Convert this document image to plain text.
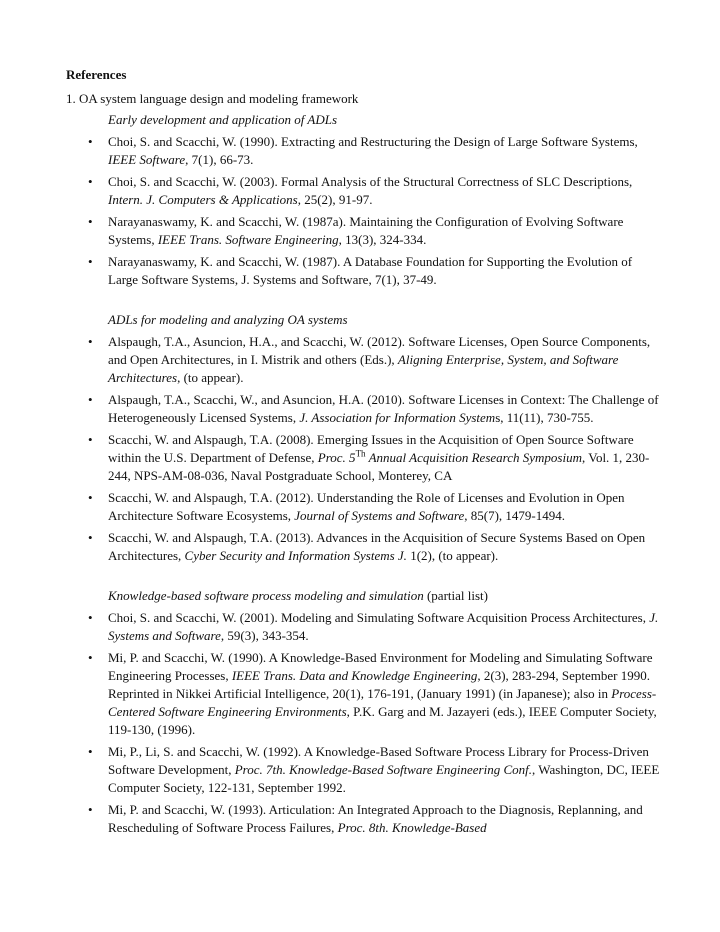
References
1. OA system language design and modeling framework
Early development and application of ADLs
• Choi, S. and Scacchi, W. (1990). Extracting and Restructuring the Design of Large Software Systems, IEEE Software, 7(1), 66-73.
• Choi, S. and Scacchi, W. (2003). Formal Analysis of the Structural Correctness of SLC Descriptions, Intern. J. Computers & Applications, 25(2), 91-97.
• Narayanaswamy, K. and Scacchi, W. (1987a). Maintaining the Configuration of Evolving Software Systems, IEEE Trans. Software Engineering, 13(3), 324-334.
• Narayanaswamy, K. and Scacchi, W. (1987). A Database Foundation for Supporting the Evolution of Large Software Systems, J. Systems and Software, 7(1), 37-49.
ADLs for modeling and analyzing OA systems
• Alspaugh, T.A., Asuncion, H.A., and Scacchi, W. (2012). Software Licenses, Open Source Components, and Open Architectures, in I. Mistrik and others (Eds.), Aligning Enterprise, System, and Software Architectures, (to appear).
• Alspaugh, T.A., Scacchi, W., and Asuncion, H.A. (2010). Software Licenses in Context: The Challenge of Heterogeneously Licensed Systems, J. Association for Information Systems, 11(11), 730-755.
• Scacchi, W. and Alspaugh, T.A. (2008). Emerging Issues in the Acquisition of Open Source Software within the U.S. Department of Defense, Proc. 5Th Annual Acquisition Research Symposium, Vol. 1, 230-244, NPS-AM-08-036, Naval Postgraduate School, Monterey, CA
• Scacchi, W. and Alspaugh, T.A. (2012). Understanding the Role of Licenses and Evolution in Open Architecture Software Ecosystems, Journal of Systems and Software, 85(7), 1479-1494.
• Scacchi, W. and Alspaugh, T.A. (2013). Advances in the Acquisition of Secure Systems Based on Open Architectures, Cyber Security and Information Systems J. 1(2), (to appear).
Knowledge-based software process modeling and simulation (partial list)
• Choi, S. and Scacchi, W. (2001). Modeling and Simulating Software Acquisition Process Architectures, J. Systems and Software, 59(3), 343-354.
• Mi, P. and Scacchi, W. (1990). A Knowledge-Based Environment for Modeling and Simulating Software Engineering Processes, IEEE Trans. Data and Knowledge Engineering, 2(3), 283-294, September 1990. Reprinted in Nikkei Artificial Intelligence, 20(1), 176-191, (January 1991) (in Japanese); also in Process-Centered Software Engineering Environments, P.K. Garg and M. Jazayeri (eds.), IEEE Computer Society, 119-130, (1996).
• Mi, P., Li, S. and Scacchi, W. (1992). A Knowledge-Based Software Process Library for Process-Driven Software Development, Proc. 7th. Knowledge-Based Software Engineering Conf., Washington, DC, IEEE Computer Society, 122-131, September 1992.
• Mi, P. and Scacchi, W. (1993). Articulation: An Integrated Approach to the Diagnosis, Replanning, and Rescheduling of Software Process Failures, Proc. 8th. Knowledge-Based
